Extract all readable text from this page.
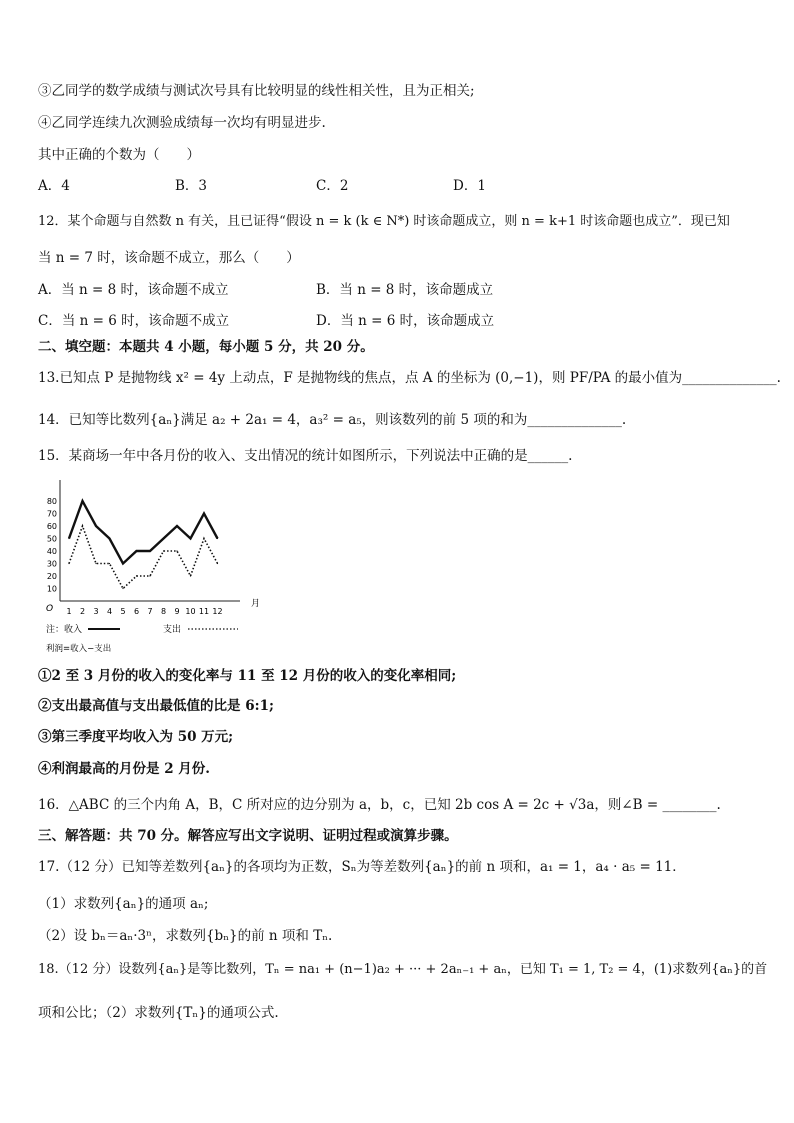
③乙同学的数学成绩与测试次号具有比较明显的线性相关性，且为正相关;
④乙同学连续九次测验成绩每一次均有明显进步.
其中正确的个数为（　　）
A．4	B．3	C．2	D．1
12．某个命题与自然数 n 有关，且已证得“假设 n = k (k ∈ N*) 时该命题成立，则 n = k+1 时该命题也成立”．现已知
当 n = 7 时，该命题不成立，那么（　　）
A．当 n = 8 时，该命题不成立	B．当 n = 8 时，该命题成立
C．当 n = 6 时，该命题不成立	D．当 n = 6 时，该命题成立
二、填空题：本题共 4 小题，每小题 5 分，共 20 分。
13.已知点 P 是抛物线 x² = 4y 上动点，F 是抛物线的焦点，点 A 的坐标为 (0,−1)，则 PF/PA 的最小值为______________.
14．已知等比数列{aₙ}满足 a₂ + 2a₁ = 4，a₃² = a₅，则该数列的前 5 项的和为______________.
15．某商场一年中各月份的收入、支出情况的统计如图所示，下列说法中正确的是______.
O	月
80
70
60
50
40
30
20
10
1 2 3 4 5 6 7 8 9 10 11 12
注：收入	支出
利润=收入−支出
①2 至 3 月份的收入的变化率与 11 至 12 月份的收入的变化率相同;
②支出最高值与支出最低值的比是 6:1;
③第三季度平均收入为 50 万元;
④利润最高的月份是 2 月份.
16．△ABC 的三个内角 A，B，C 所对应的边分别为 a，b，c，已知 2b cos A = 2c + √3a，则∠B = ________.
三、解答题：共 70 分。解答应写出文字说明、证明过程或演算步骤。
17.（12 分）已知等差数列{aₙ}的各项均为正数，Sₙ为等差数列{aₙ}的前 n 项和，a₁ = 1，a₄ · a₅ = 11．
（1）求数列{aₙ}的通项 aₙ;
（2）设 bₙ＝aₙ·3ⁿ，求数列{bₙ}的前 n 项和 Tₙ.
18.（12 分）设数列{aₙ}是等比数列，Tₙ = na₁ + (n−1)a₂ + ··· + 2aₙ₋₁ + aₙ，已知 T₁ = 1, T₂ = 4，(1)求数列{aₙ}的首
项和公比；（2）求数列{Tₙ}的通项公式.
